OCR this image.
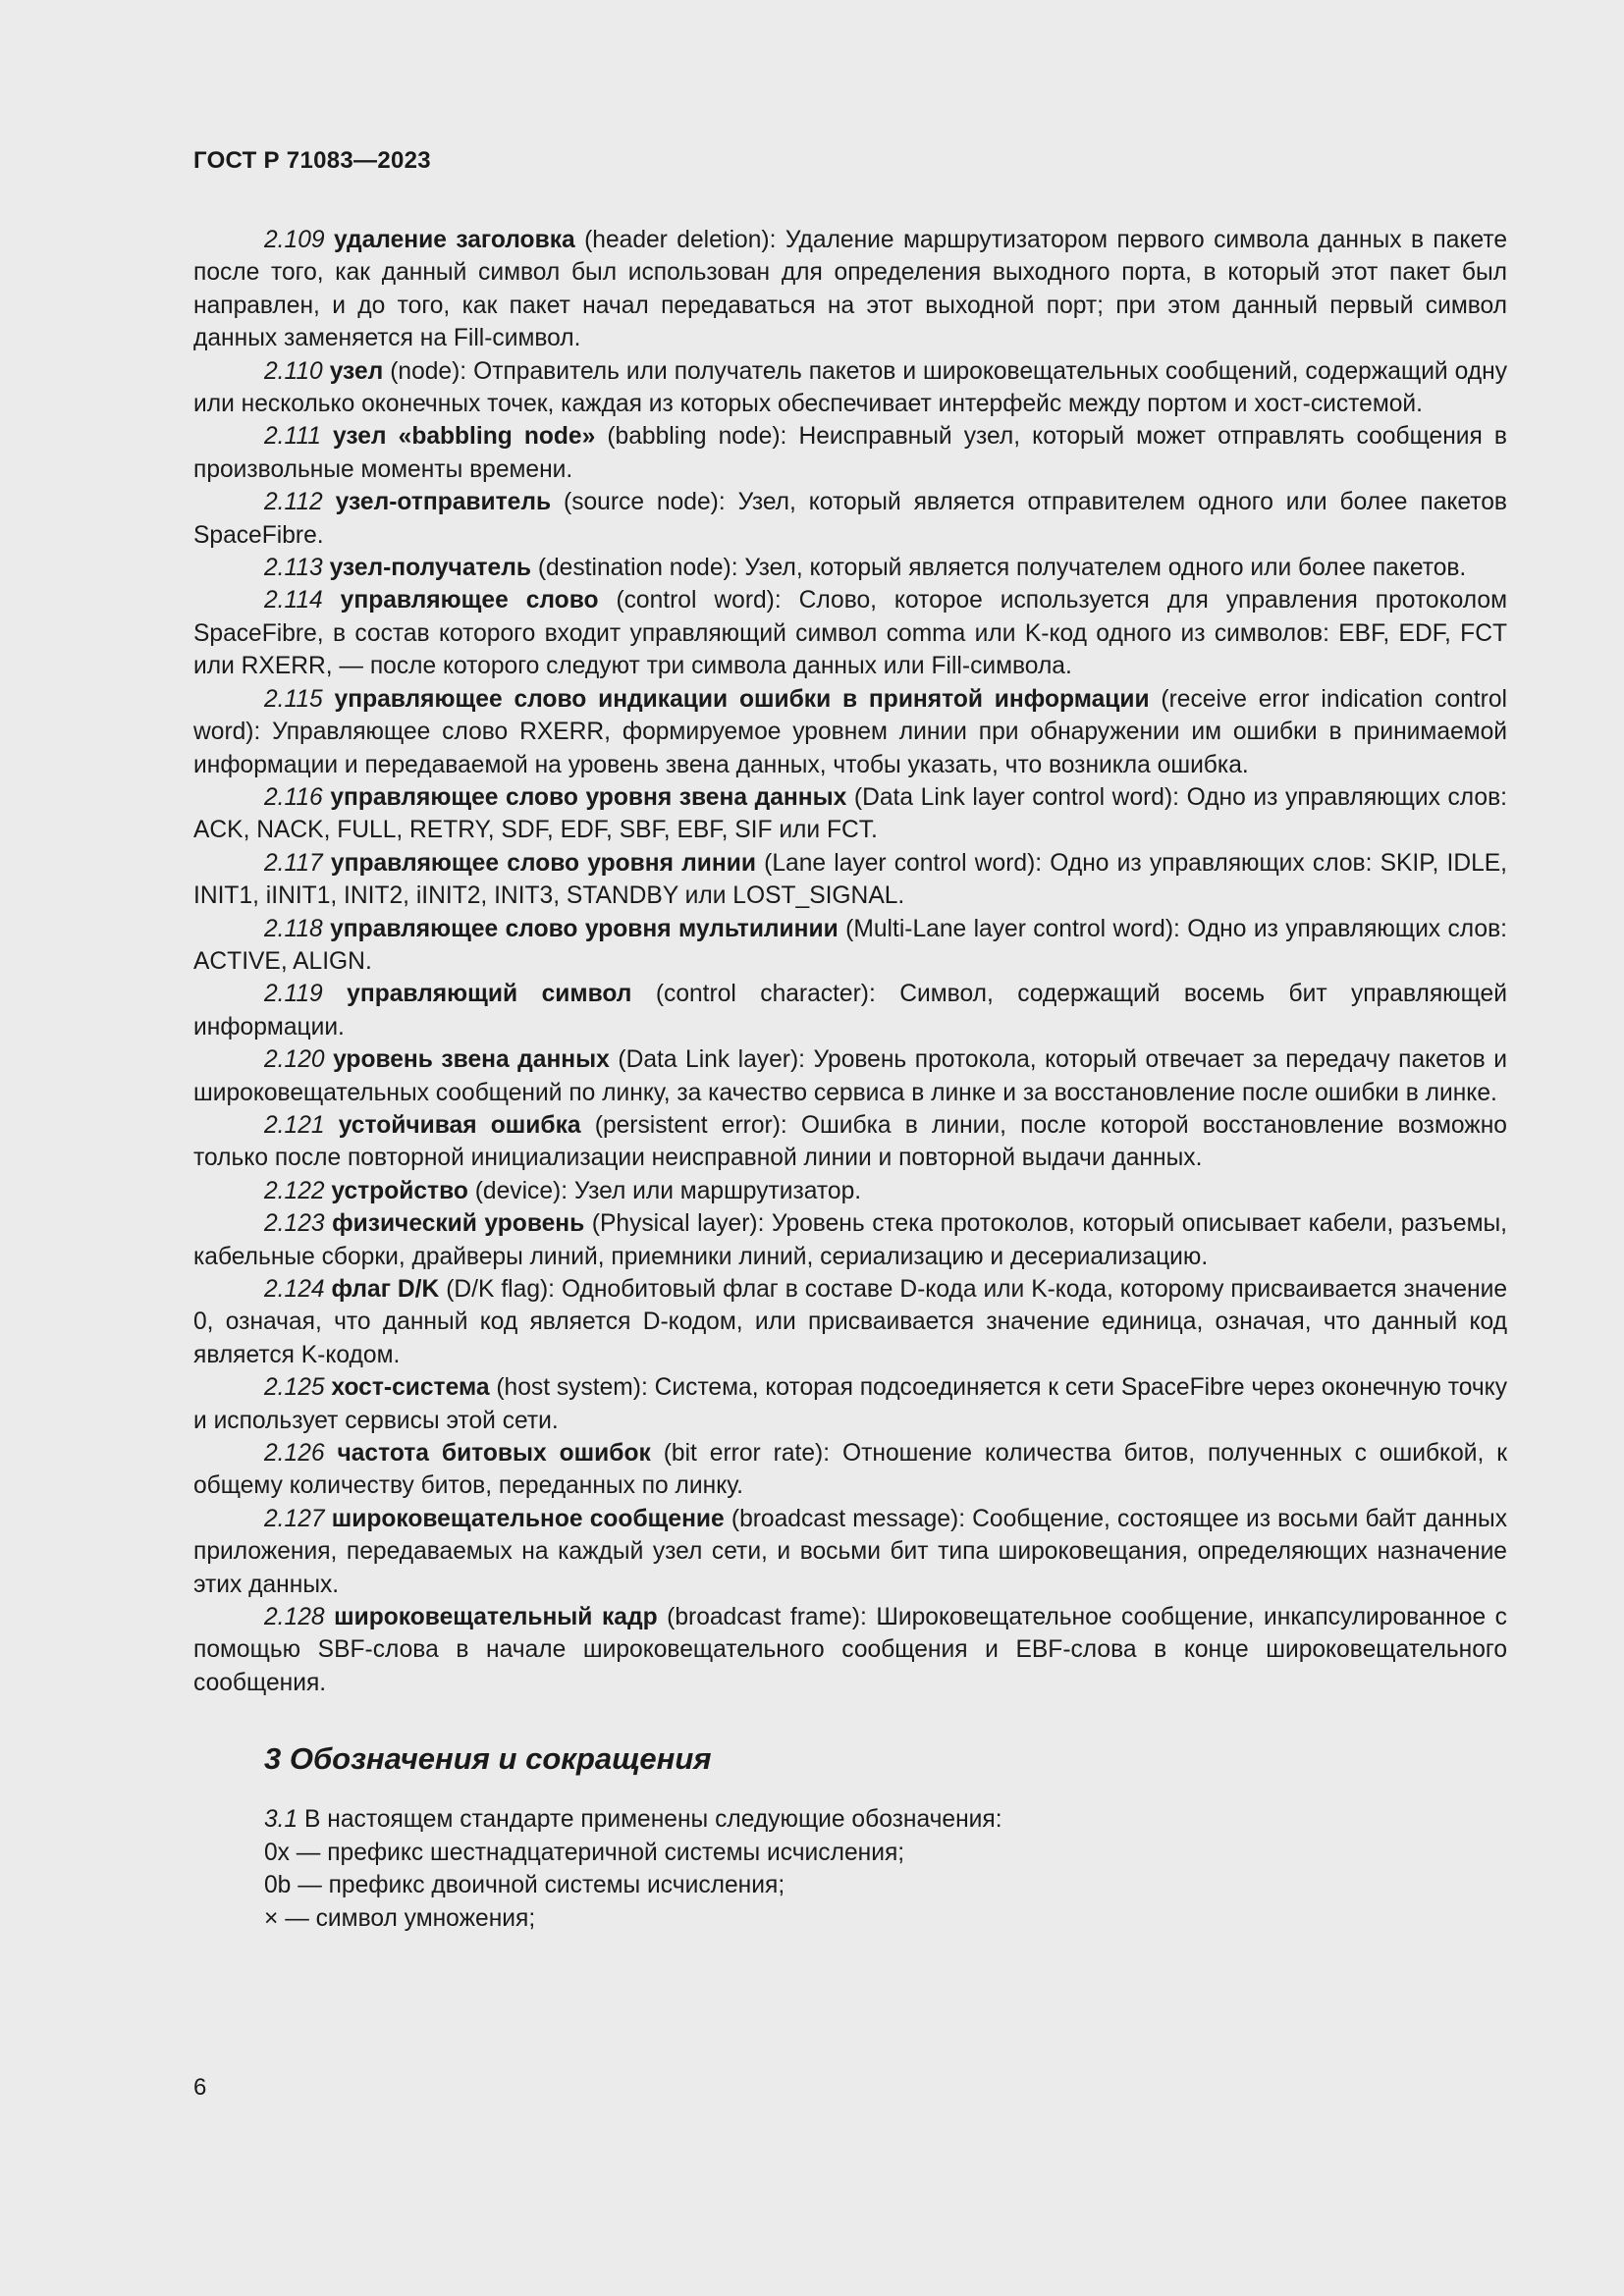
ГОСТ Р 71083—2023

2.109 удаление заголовка (header deletion): Удаление маршрутизатором первого символа данных в пакете после того, как данный символ был использован для определения выходного порта, в который этот пакет был направлен, и до того, как пакет начал передаваться на этот выходной порт; при этом данный первый символ данных заменяется на Fill-символ.

2.110 узел (node): Отправитель или получатель пакетов и широковещательных сообщений, содержащий одну или несколько оконечных точек, каждая из которых обеспечивает интерфейс между портом и хост-системой.

2.111 узел «babbling node» (babbling node): Неисправный узел, который может отправлять сообщения в произвольные моменты времени.

2.112 узел-отправитель (source node): Узел, который является отправителем одного или более пакетов SpaceFibre.

2.113 узел-получатель (destination node): Узел, который является получателем одного или более пакетов.

2.114 управляющее слово (control word): Слово, которое используется для управления протоколом SpaceFibre, в состав которого входит управляющий символ comma или K-код одного из символов: EBF, EDF, FCT или RXERR, — после которого следуют три символа данных или Fill-символа.

2.115 управляющее слово индикации ошибки в принятой информации (receive error indication control word): Управляющее слово RXERR, формируемое уровнем линии при обнаружении им ошибки в принимаемой информации и передаваемой на уровень звена данных, чтобы указать, что возникла ошибка.

2.116 управляющее слово уровня звена данных (Data Link layer control word): Одно из управляющих слов: ACK, NACK, FULL, RETRY, SDF, EDF, SBF, EBF, SIF или FCT.

2.117 управляющее слово уровня линии (Lane layer control word): Одно из управляющих слов: SKIP, IDLE, INIT1, iINIT1, INIT2, iINIT2, INIT3, STANDBY или LOST_SIGNAL.

2.118 управляющее слово уровня мультилинии (Multi-Lane layer control word): Одно из управляющих слов: ACTIVE, ALIGN.

2.119 управляющий символ (control character): Символ, содержащий восемь бит управляющей информации.

2.120 уровень звена данных (Data Link layer): Уровень протокола, который отвечает за передачу пакетов и широковещательных сообщений по линку, за качество сервиса в линке и за восстановление после ошибки в линке.

2.121 устойчивая ошибка (persistent error): Ошибка в линии, после которой восстановление возможно только после повторной инициализации неисправной линии и повторной выдачи данных.

2.122 устройство (device): Узел или маршрутизатор.

2.123 физический уровень (Physical layer): Уровень стека протоколов, который описывает кабели, разъемы, кабельные сборки, драйверы линий, приемники линий, сериализацию и десериализацию.

2.124 флаг D/K (D/K flag): Однобитовый флаг в составе D-кода или K-кода, которому присваивается значение 0, означая, что данный код является D-кодом, или присваивается значение единица, означая, что данный код является K-кодом.

2.125 хост-система (host system): Система, которая подсоединяется к сети SpaceFibre через оконечную точку и использует сервисы этой сети.

2.126 частота битовых ошибок (bit error rate): Отношение количества битов, полученных с ошибкой, к общему количеству битов, переданных по линку.

2.127 широковещательное сообщение (broadcast message): Сообщение, состоящее из восьми байт данных приложения, передаваемых на каждый узел сети, и восьми бит типа широковещания, определяющих назначение этих данных.

2.128 широковещательный кадр (broadcast frame): Широковещательное сообщение, инкапсулированное с помощью SBF-слова в начале широковещательного сообщения и EBF-слова в конце широковещательного сообщения.

3 Обозначения и сокращения

3.1 В настоящем стандарте применены следующие обозначения:

0x — префикс шестнадцатеричной системы исчисления;

0b — префикс двоичной системы исчисления;

× — символ умножения;

6
